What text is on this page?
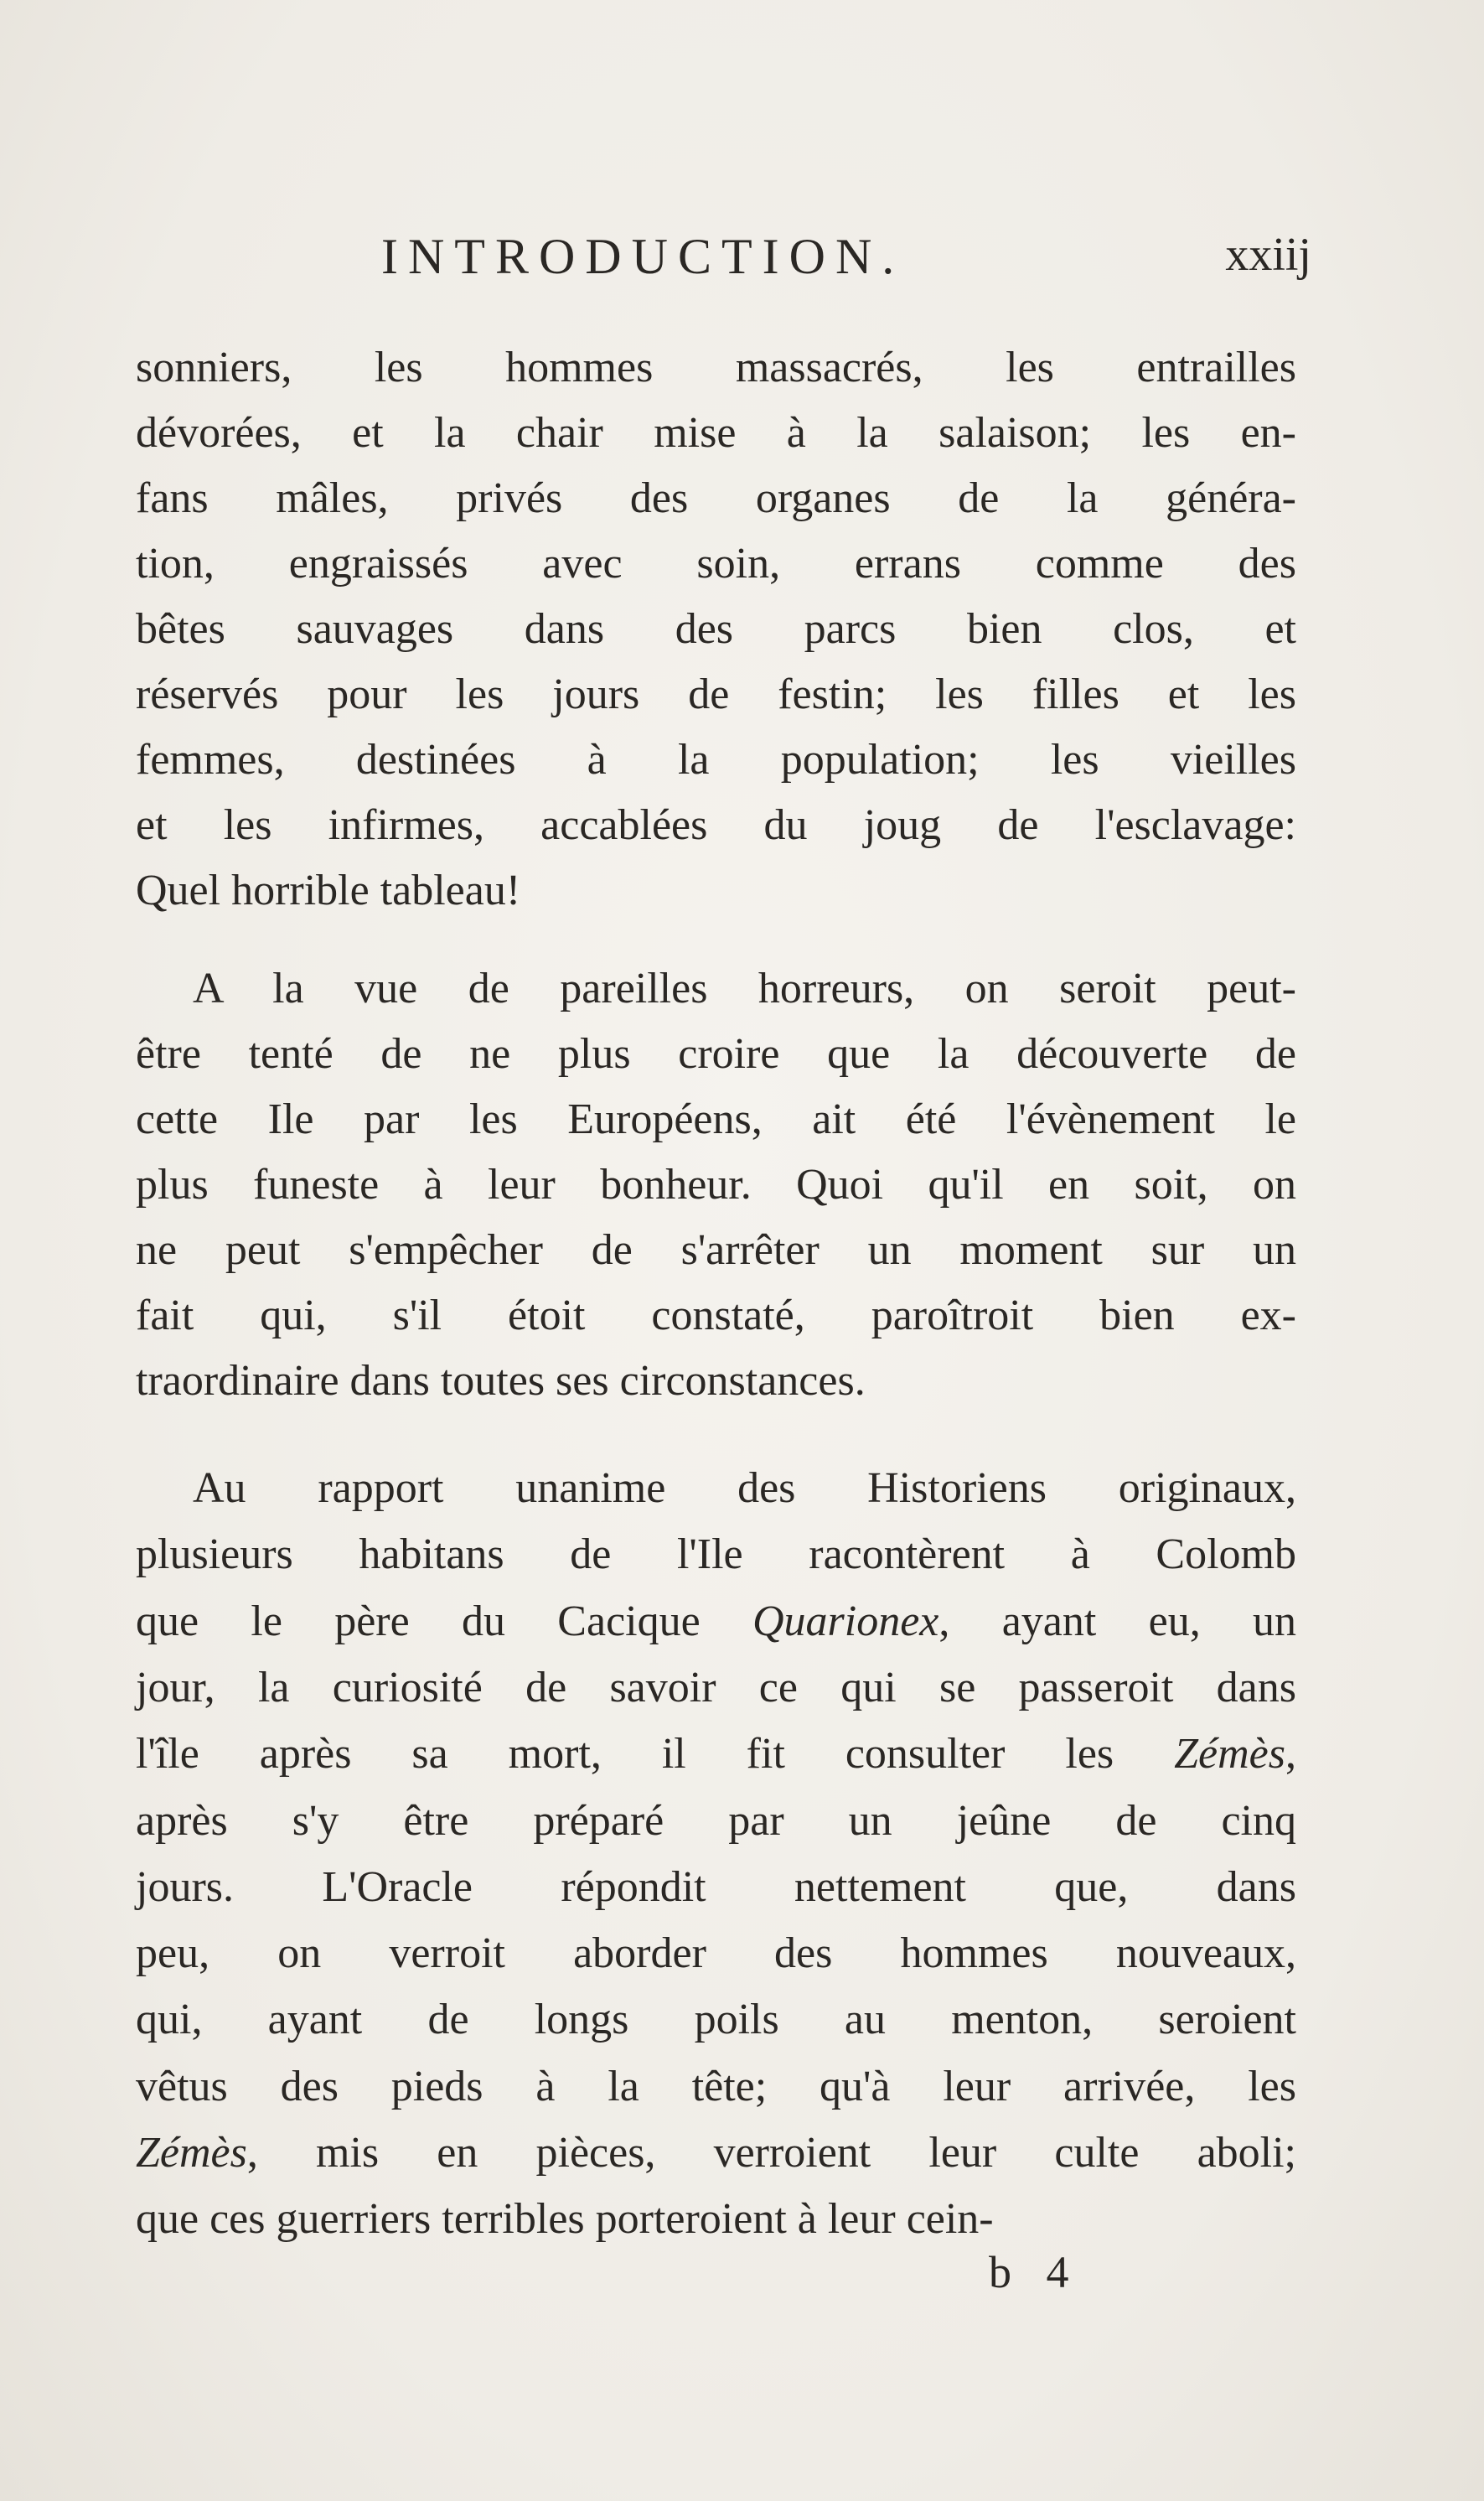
INTRODUCTION.	xxiij
sonniers, les hommes massacrés, les entrailles
dévorées, et la chair mise à la salaison; les en-
fans mâles, privés des organes de la généra-
tion, engraissés avec soin, errans comme des
bêtes sauvages dans des parcs bien clos, et
réservés pour les jours de festin; les filles et les
femmes, destinées à la population; les vieilles
et les infirmes, accablées du joug de l'esclavage:
Quel horrible tableau!
A la vue de pareilles horreurs, on seroit peut-
être tenté de ne plus croire que la découverte de
cette Ile par les Européens, ait été l'évènement le
plus funeste à leur bonheur. Quoi qu'il en soit, on
ne peut s'empêcher de s'arrêter un moment sur un
fait qui, s'il étoit constaté, paroîtroit bien ex-
traordinaire dans toutes ses circonstances.
Au rapport unanime des Historiens originaux,
plusieurs habitans de l'Ile racontèrent à Colomb
que le père du Cacique Quarionex, ayant eu, un
jour, la curiosité de savoir ce qui se passeroit dans
l'île après sa mort, il fit consulter les Zémès,
après s'y être préparé par un jeûne de cinq
jours. L'Oracle répondit nettement que, dans
peu, on verroit aborder des hommes nouveaux,
qui, ayant de longs poils au menton, seroient
vêtus des pieds à la tête; qu'à leur arrivée, les
Zémès, mis en pièces, verroient leur culte aboli;
que ces guerriers terribles porteroient à leur cein-
b 4
